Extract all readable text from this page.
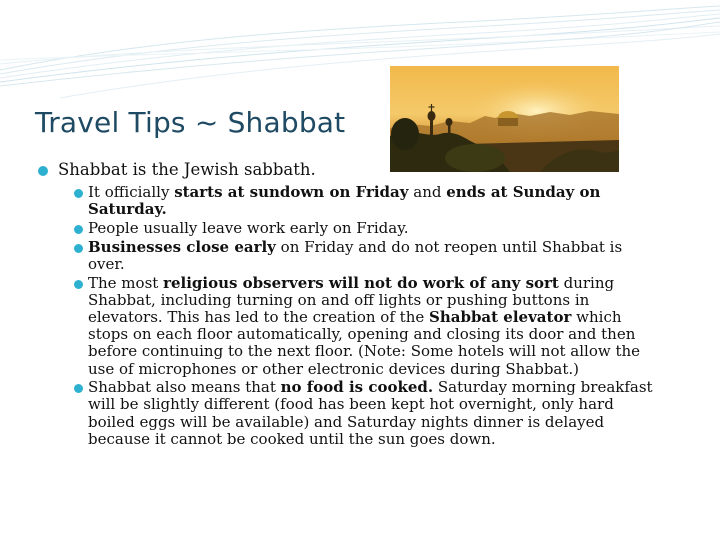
Travel Tips ~ Shabbat
Shabbat is the Jewish sabbath.
It officially starts at sundown on Friday and ends at Sunday on Saturday.
People usually leave work early on Friday.
Businesses close early on Friday and do not reopen until Shabbat is over.
The most religious observers will not do work of any sort during Shabbat, including turning on and off lights or pushing buttons in elevators. This has led to the creation of the Shabbat elevator which stops on each floor automatically, opening and closing its door and then before continuing to the next floor. (Note: Some hotels will not allow the use of microphones or other electronic devices during Shabbat.)
Shabbat also means that no food is cooked. Saturday morning breakfast will be slightly different (food has been kept hot overnight, only hard boiled eggs will be available) and Saturday nights dinner is delayed because it cannot be cooked until the sun goes down.
